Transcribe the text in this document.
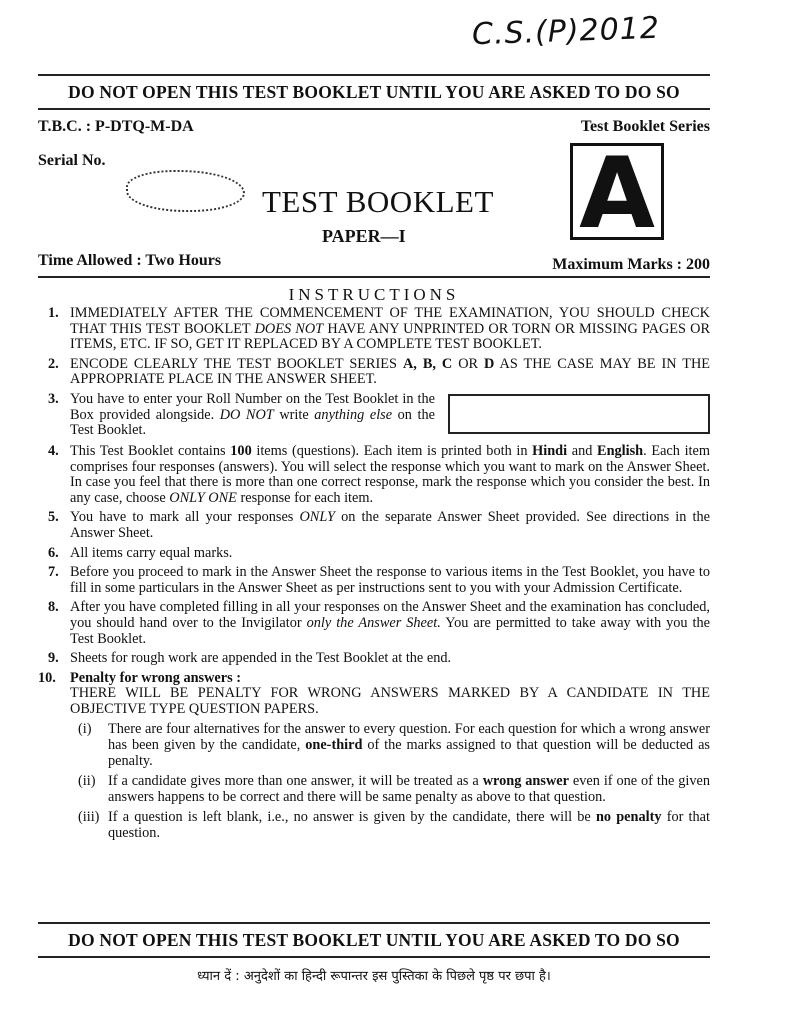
C.S.(P)2012
DO NOT OPEN THIS TEST BOOKLET UNTIL YOU ARE ASKED TO DO SO
T.B.C. : P-DTQ-M-DA	Test Booklet Series
Serial No.
TEST BOOKLET
PAPER—I A
Time Allowed : Two Hours	Maximum Marks : 200
INSTRUCTIONS
1. IMMEDIATELY AFTER THE COMMENCEMENT OF THE EXAMINATION, YOU SHOULD CHECK THAT THIS TEST BOOKLET DOES NOT HAVE ANY UNPRINTED OR TORN OR MISSING PAGES OR ITEMS, ETC. IF SO, GET IT REPLACED BY A COMPLETE TEST BOOKLET.
2. ENCODE CLEARLY THE TEST BOOKLET SERIES A, B, C OR D AS THE CASE MAY BE IN THE APPROPRIATE PLACE IN THE ANSWER SHEET.
3. You have to enter your Roll Number on the Test Booklet in the Box provided alongside. DO NOT write anything else on the Test Booklet.
4. This Test Booklet contains 100 items (questions). Each item is printed both in Hindi and English. Each item comprises four responses (answers). You will select the response which you want to mark on the Answer Sheet. In case you feel that there is more than one correct response, mark the response which you consider the best. In any case, choose ONLY ONE response for each item.
5. You have to mark all your responses ONLY on the separate Answer Sheet provided. See directions in the Answer Sheet.
6. All items carry equal marks.
7. Before you proceed to mark in the Answer Sheet the response to various items in the Test Booklet, you have to fill in some particulars in the Answer Sheet as per instructions sent to you with your Admission Certificate.
8. After you have completed filling in all your responses on the Answer Sheet and the examination has concluded, you should hand over to the Invigilator only the Answer Sheet. You are permitted to take away with you the Test Booklet.
9. Sheets for rough work are appended in the Test Booklet at the end.
10. Penalty for wrong answers :
THERE WILL BE PENALTY FOR WRONG ANSWERS MARKED BY A CANDIDATE IN THE OBJECTIVE TYPE QUESTION PAPERS.
(i) There are four alternatives for the answer to every question. For each question for which a wrong answer has been given by the candidate, one-third of the marks assigned to that question will be deducted as penalty.
(ii) If a candidate gives more than one answer, it will be treated as a wrong answer even if one of the given answers happens to be correct and there will be same penalty as above to that question.
(iii) If a question is left blank, i.e., no answer is given by the candidate, there will be no penalty for that question.
DO NOT OPEN THIS TEST BOOKLET UNTIL YOU ARE ASKED TO DO SO
ध्यान दें : अनुदेशों का हिन्दी रूपान्तर इस पुस्तिका के पिछले पृष्ठ पर छपा है।
